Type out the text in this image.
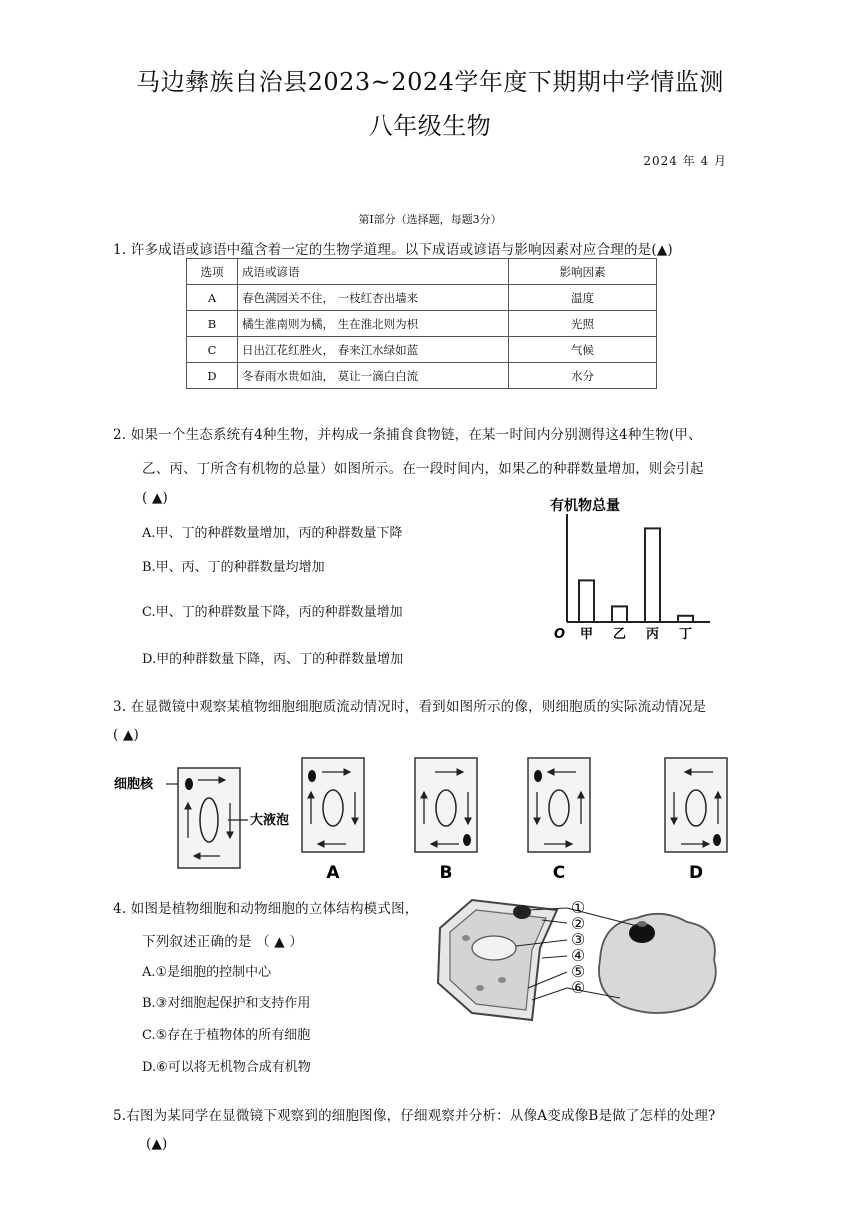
马边彝族自治县2023~2024学年度下期期中学情监测
八年级生物
2024 年 4 月
第Ⅰ部分（选择题，每题3分）
1. 许多成语或谚语中蕴含着一定的生物学道理。以下成语或谚语与影响因素对应合理的是(▲)
选项	成语或谚语	影响因素
A	春色满园关不住， 一枝红杏出墙来	温度
B	橘生淮南则为橘， 生在淮北则为枳	光照
C	日出江花红胜火， 春来江水绿如蓝	气候
D	冬春雨水贵如油， 莫让一滴白白流	水分
2. 如果一个生态系统有4种生物，并构成一条捕食食物链，在某一时间内分别测得这4种生物(甲、
乙、丙、丁所含有机物的总量）如图所示。在一段时间内，如果乙的种群数量增加，则会引起
( ▲)
A.甲、丁的种群数量增加，丙的种群数量下降
B.甲、丙、丁的种群数量均增加
C.甲、丁的种群数量下降，丙的种群数量增加
D.甲的种群数量下降，丙、丁的种群数量增加
有机物总量
O 甲 乙 丙 丁
3. 在显微镜中观察某植物细胞细胞质流动情况时，看到如图所示的像，则细胞质的实际流动情况是
( ▲)
细胞核
大液泡
A	B	C	D
4. 如图是植物细胞和动物细胞的立体结构模式图，
下列叙述正确的是 （ ▲ ）
A.①是细胞的控制中心
B.③对细胞起保护和支持作用
C.⑤存在于植物体的所有细胞
D.⑥可以将无机物合成有机物
①
②
③
④
⑤
⑥
5.右图为某同学在显微镜下观察到的细胞图像，仔细观察并分析：从像A变成像B是做了怎样的处理?
(▲)
